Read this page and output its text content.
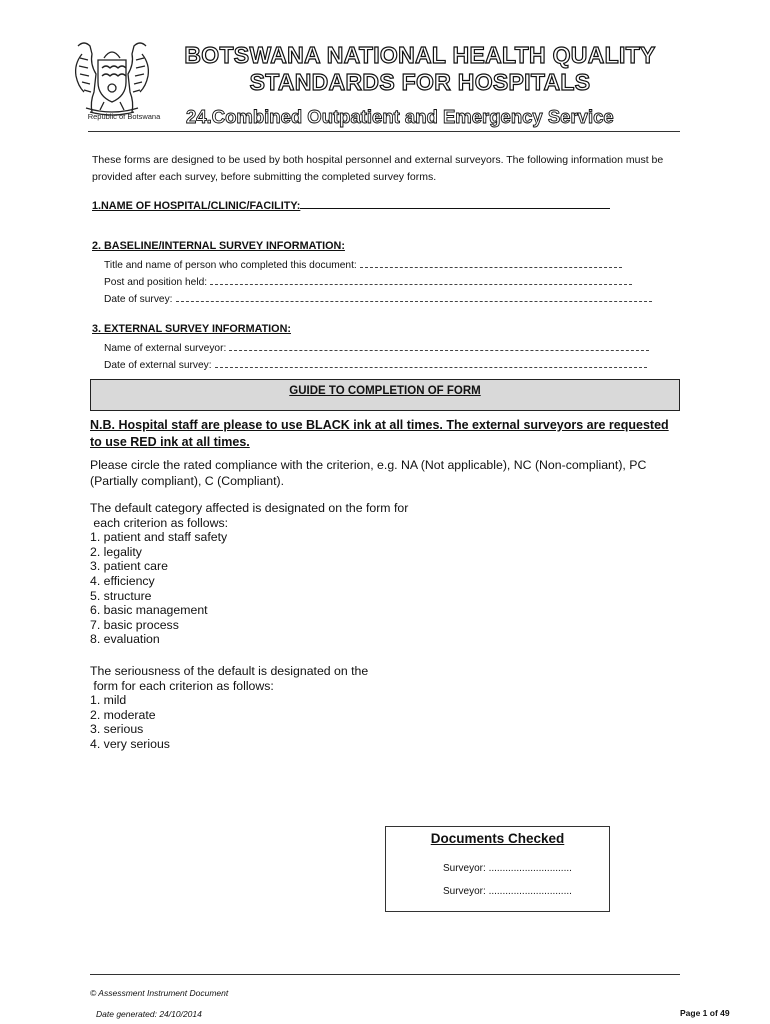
Republic of Botswana
BOTSWANA NATIONAL HEALTH QUALITY
STANDARDS FOR HOSPITALS
24.Combined Outpatient and Emergency Service
These forms are designed to be used by both hospital personnel and external surveyors. The following information must be provided after each survey, before submitting the completed survey forms.
1.NAME OF HOSPITAL/CLINIC/FACILITY:
2. BASELINE/INTERNAL SURVEY INFORMATION:
Title and name of person who completed this document:
Post and position held:
Date of survey:
3. EXTERNAL SURVEY INFORMATION:
Name of external surveyor:
Date of external survey:
GUIDE TO COMPLETION OF FORM
N.B. Hospital staff are please to use BLACK ink at all times. The external surveyors are requested to use RED ink at all times.
Please circle the rated compliance with the criterion, e.g. NA (Not applicable), NC (Non-compliant), PC (Partially compliant), C (Compliant).
The default category affected is designated on the form for
each criterion as follows:
1. patient and staff safety
2. legality
3. patient care
4. efficiency
5. structure
6. basic management
7. basic process
8. evaluation
The seriousness of the default is designated on the
form for each criterion as follows:
1. mild
2. moderate
3. serious
4. very serious
Documents Checked
Surveyor: ..............................
Surveyor: ..............................
© Assessment Instrument Document
Date generated: 24/10/2014	Page 1 of 49
